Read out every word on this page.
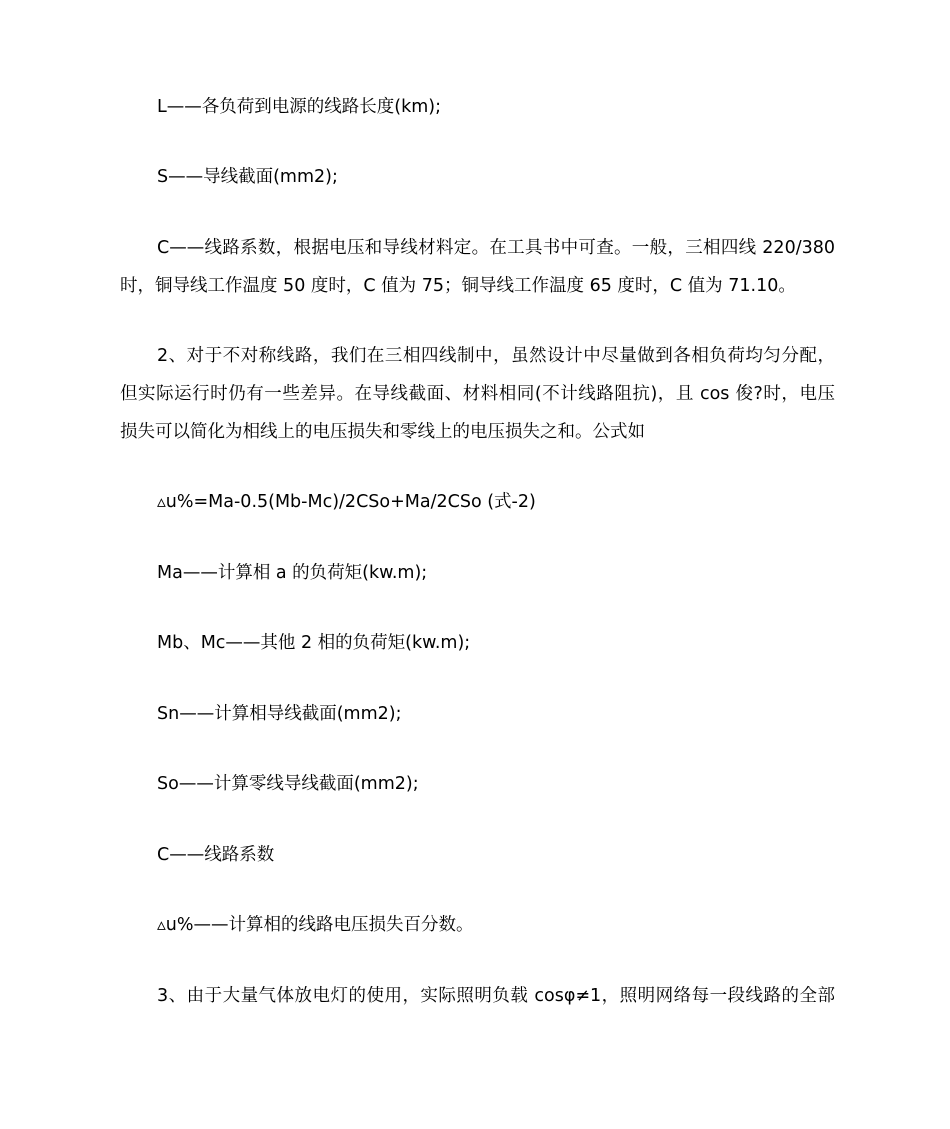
L——各负荷到电源的线路长度(km);
S——导线截面(mm2);
C——线路系数，根据电压和导线材料定。在工具书中可查。一般，三相四线 220/380
时，铜导线工作温度 50 度时，C 值为 75；铜导线工作温度 65 度时，C 值为 71.10。
2、对于不对称线路，我们在三相四线制中，虽然设计中尽量做到各相负荷均匀分配，
但实际运行时仍有一些差异。在导线截面、材料相同(不计线路阻抗)，且 cos 俊?时，电压
损失可以简化为相线上的电压损失和零线上的电压损失之和。公式如
▵u%=Ma-0.5(Mb-Mc)/2CSo+Ma/2CSo (式-2)
Ma——计算相 a 的负荷矩(kw.m);
Mb、Mc——其他 2 相的负荷矩(kw.m);
Sn——计算相导线截面(mm2);
So——计算零线导线截面(mm2);
C——线路系数
▵u%——计算相的线路电压损失百分数。
3、由于大量气体放电灯的使用，实际照明负载 cosφ≠1，照明网络每一段线路的全部
